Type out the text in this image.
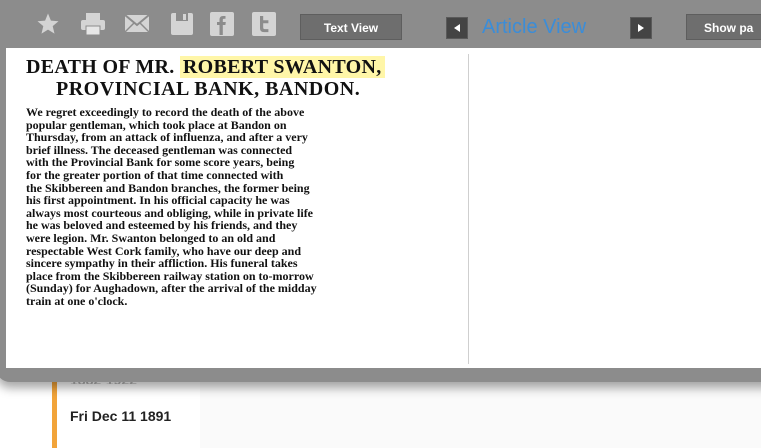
Fri Dec 11 1891
Text View	Article View	Show pa
DEATH OF MR. ROBERT SWANTON,
PROVINCIAL BANK, BANDON.
We regret exceedingly to record the death of the above
popular gentleman, which took place at Bandon on
Thursday, from an attack of influenza, and after a very
brief illness. The deceased gentleman was connected
with the Provincial Bank for some score years, being
for the greater portion of that time connected with
the Skibbereen and Bandon branches, the former being
his first appointment. In his official capacity he was
always most courteous and obliging, while in private life
he was beloved and esteemed by his friends, and they
were legion. Mr. Swanton belonged to an old and
respectable West Cork family, who have our deep and
sincere sympathy in their affliction. His funeral takes
place from the Skibbereen railway station on to-morrow
(Sunday) for Aughadown, after the arrival of the midday
train at one o'clock.
